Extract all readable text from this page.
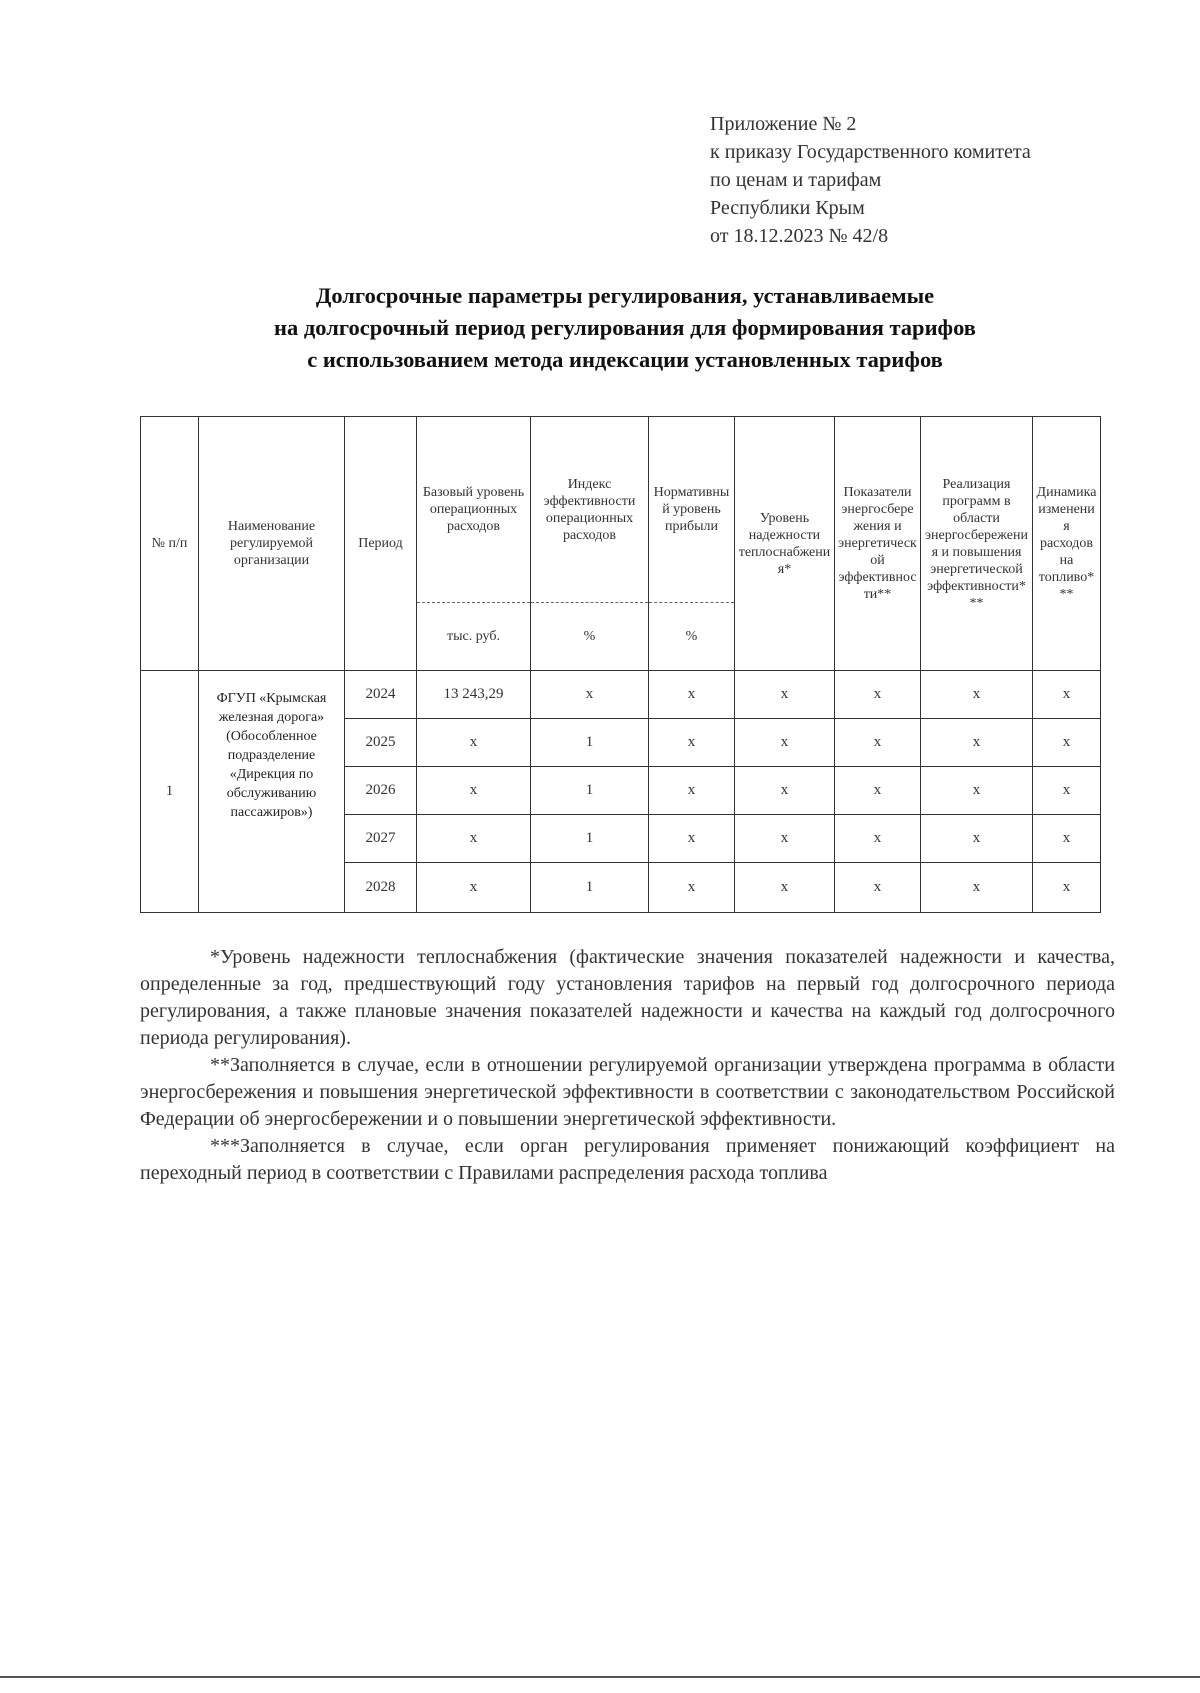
Приложение № 2
к приказу Государственного комитета
по ценам и тарифам
Республики Крым
от 18.12.2023 № 42/8
Долгосрочные параметры регулирования, устанавливаемые
на долгосрочный период регулирования для формирования тарифов
с использованием метода индексации установленных тарифов
№ п/п	Наименование регулируемой организации	Период	Базовый уровень операционных расходов	Индекс эффективности операционных расходов	Нормативный уровень прибыли	Уровень надежности теплоснабжения*	Показатели энергосбережения и энергетической эффективности**	Реализация программ в области энергосбережения и повышения энергетической эффективности***	Динамика изменения расходов на топливо***
			тыс. руб.	%	%				
1	ФГУП «Крымская железная дорога» (Обособленное подразделение «Дирекция по обслуживанию пассажиров»)	2024	13 243,29	x	x	x	x	x	x
		2025	x	1	x	x	x	x	x
		2026	x	1	x	x	x	x	x
		2027	x	1	x	x	x	x	x
		2028	x	1	x	x	x	x	x

*Уровень надежности теплоснабжения (фактические значения показателей надежности и качества, определенные за год, предшествующий году установления тарифов на первый год долгосрочного периода регулирования, а также плановые значения показателей надежности и качества на каждый год долгосрочного периода регулирования).

**Заполняется в случае, если в отношении регулируемой организации утверждена программа в области энергосбережения и повышения энергетической эффективности в соответствии с законодательством Российской Федерации об энергосбережении и о повышении энергетической эффективности.

***Заполняется в случае, если орган регулирования применяет понижающий коэффициент на переходный период в соответствии с Правилами распределения расхода топлива
